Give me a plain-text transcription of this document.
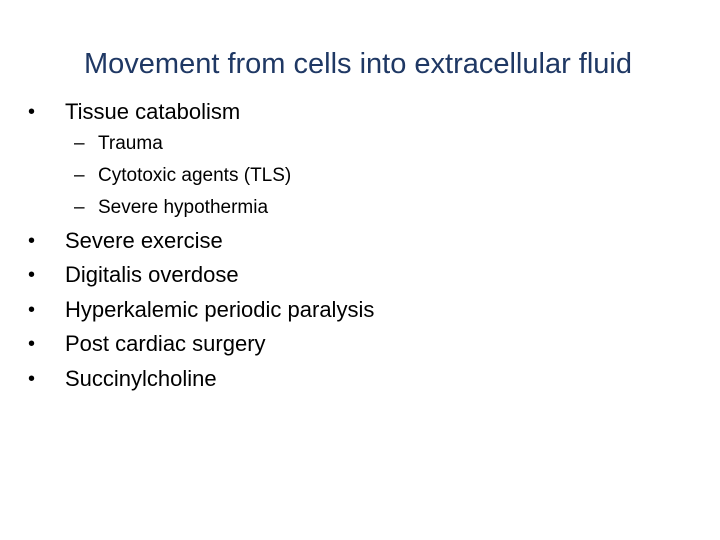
Movement from cells into extracellular fluid
•	Tissue catabolism
– Trauma
– Cytotoxic agents (TLS)
– Severe hypothermia
•	Severe exercise
•	Digitalis overdose
•	Hyperkalemic periodic paralysis
•	Post cardiac surgery
•	Succinylcholine
